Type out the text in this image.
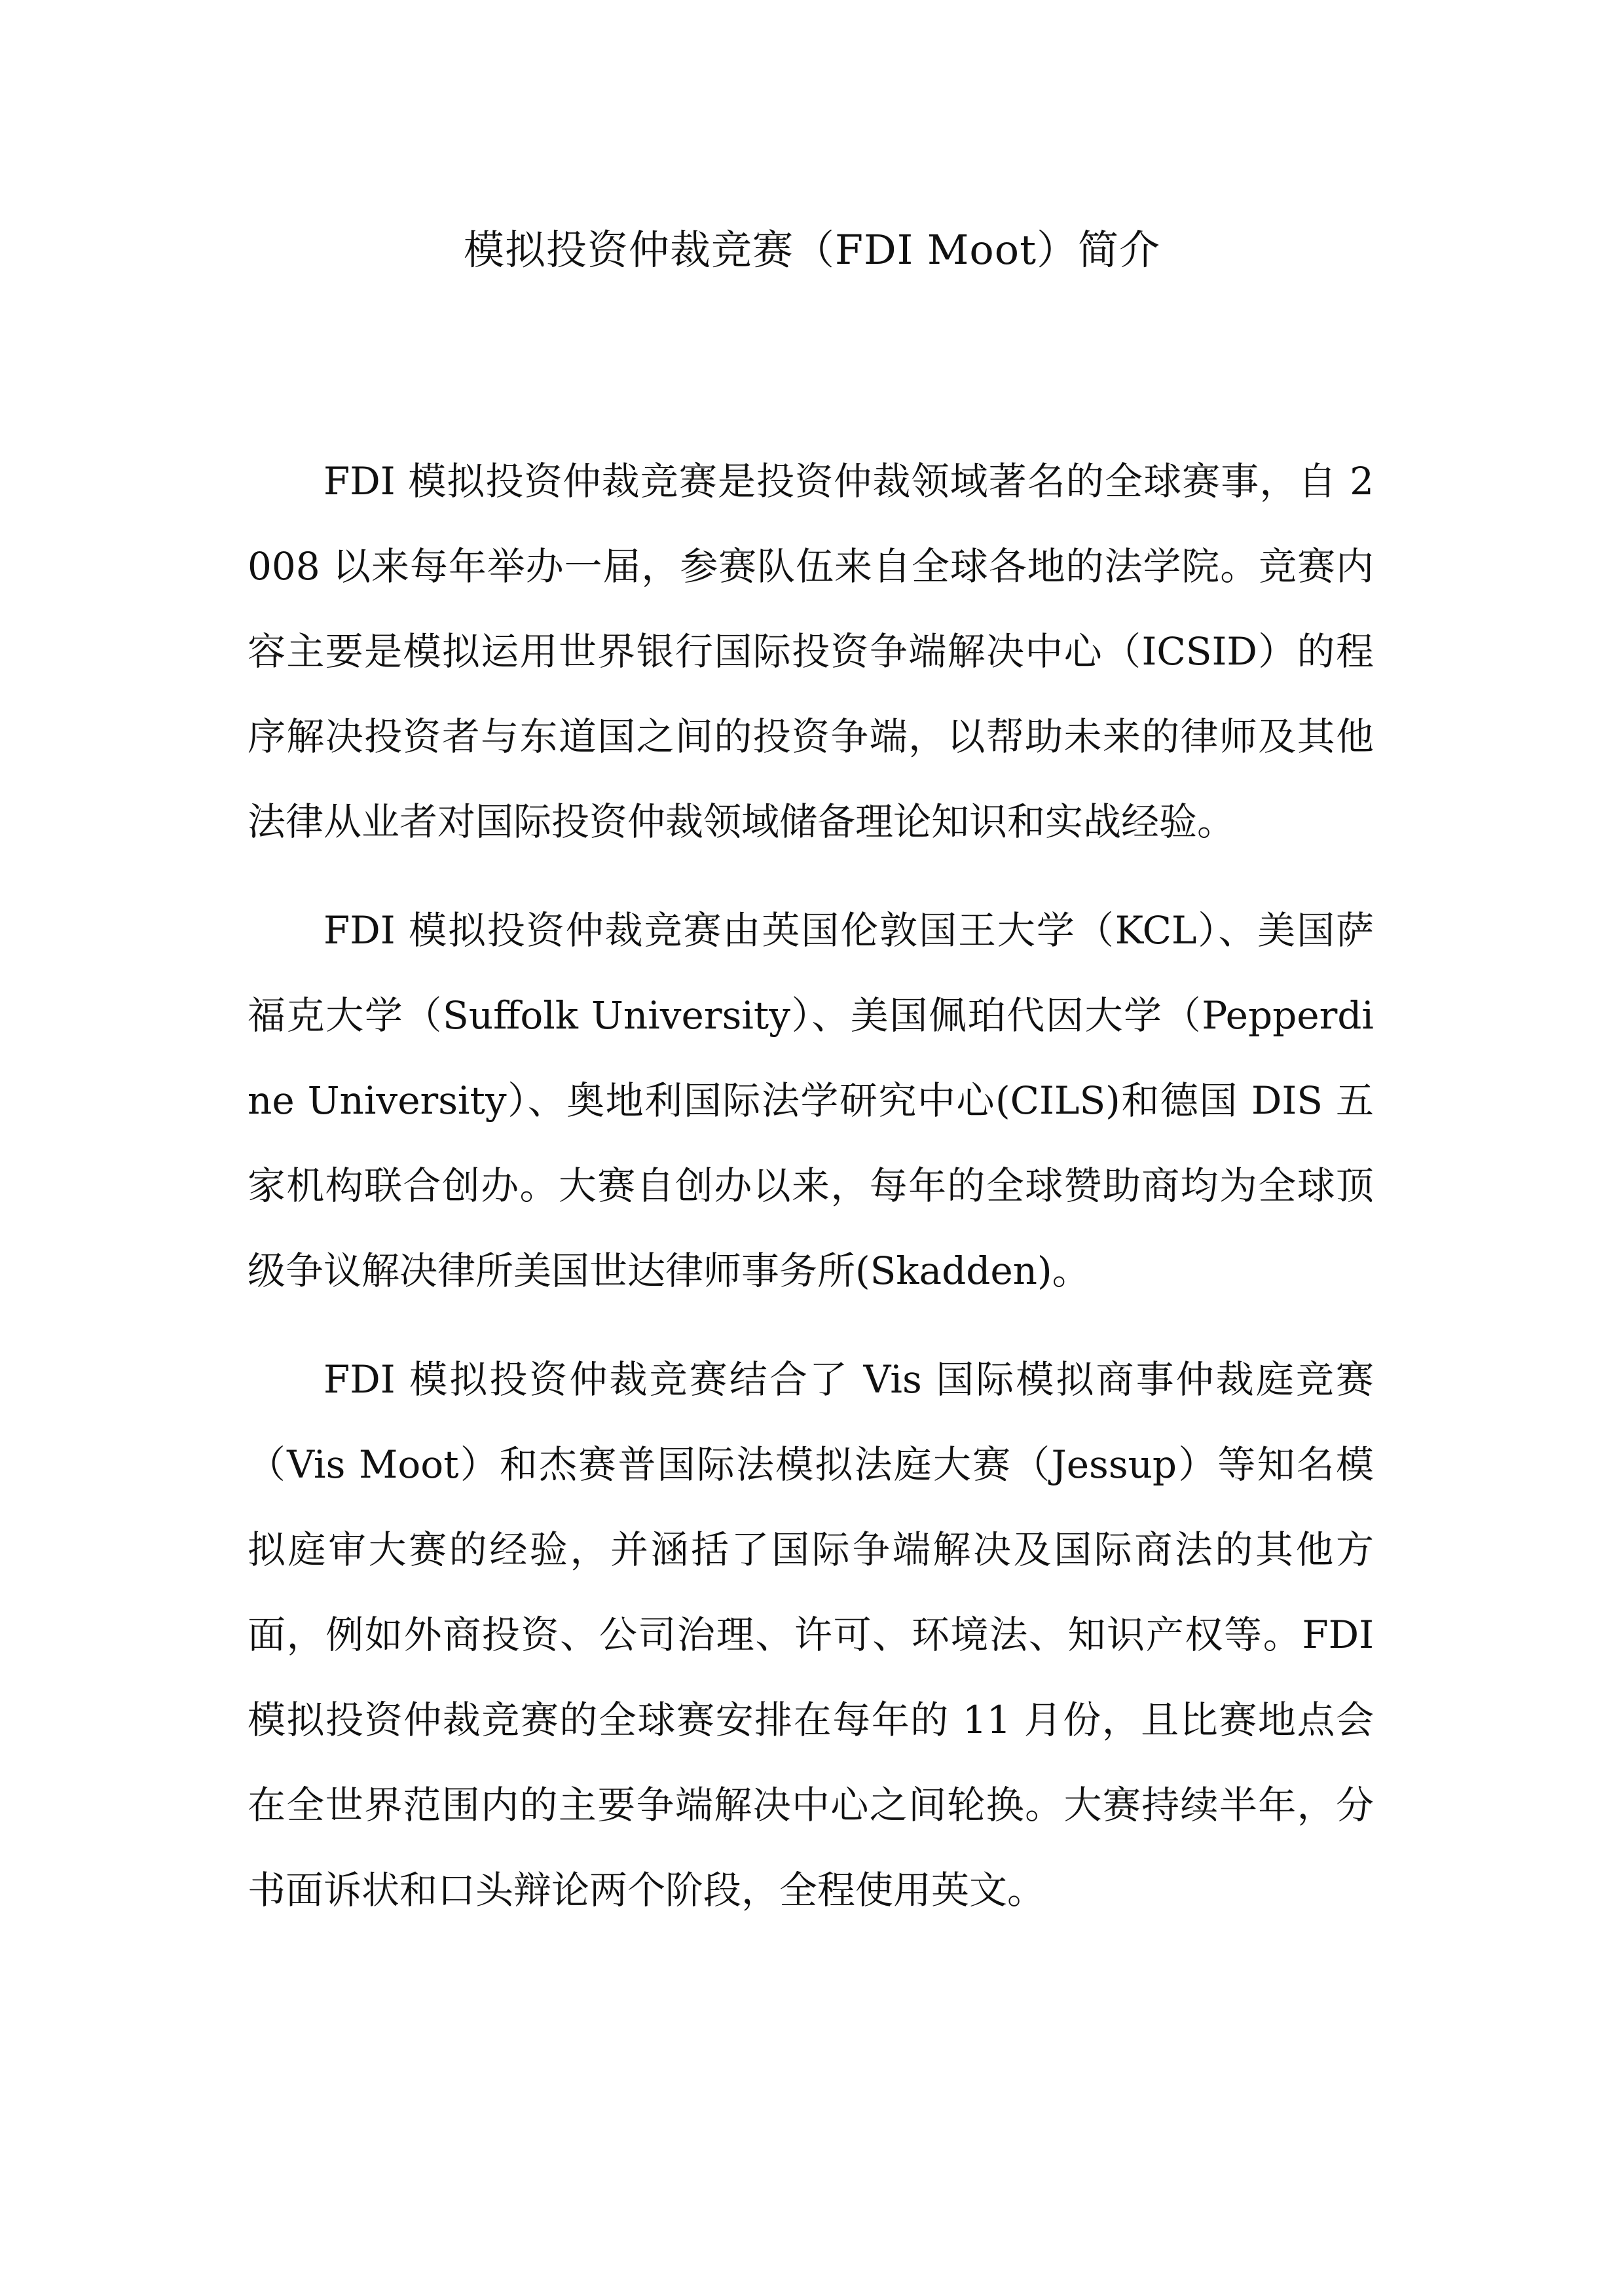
模拟投资仲裁竞赛（FDI Moot）简介

FDI 模拟投资仲裁竞赛是投资仲裁领域著名的全球赛事，自 2008 以来每年举办一届，参赛队伍来自全球各地的法学院。竞赛内容主要是模拟运用世界银行国际投资争端解决中心（ICSID）的程序解决投资者与东道国之间的投资争端，以帮助未来的律师及其他法律从业者对国际投资仲裁领域储备理论知识和实战经验。

FDI 模拟投资仲裁竞赛由英国伦敦国王大学（KCL）、美国萨福克大学（Suffolk University）、美国佩珀代因大学（Pepperdine University）、奥地利国际法学研究中心(CILS)和德国 DIS 五家机构联合创办。大赛自创办以来，每年的全球赞助商均为全球顶级争议解决律所美国世达律师事务所(Skadden)。

FDI 模拟投资仲裁竞赛结合了 Vis 国际模拟商事仲裁庭竞赛（Vis Moot）和杰赛普国际法模拟法庭大赛（Jessup）等知名模拟庭审大赛的经验，并涵括了国际争端解决及国际商法的其他方面，例如外商投资、公司治理、许可、环境法、知识产权等。FDI 模拟投资仲裁竞赛的全球赛安排在每年的 11 月份，且比赛地点会在全世界范围内的主要争端解决中心之间轮换。大赛持续半年，分书面诉状和口头辩论两个阶段，全程使用英文。
